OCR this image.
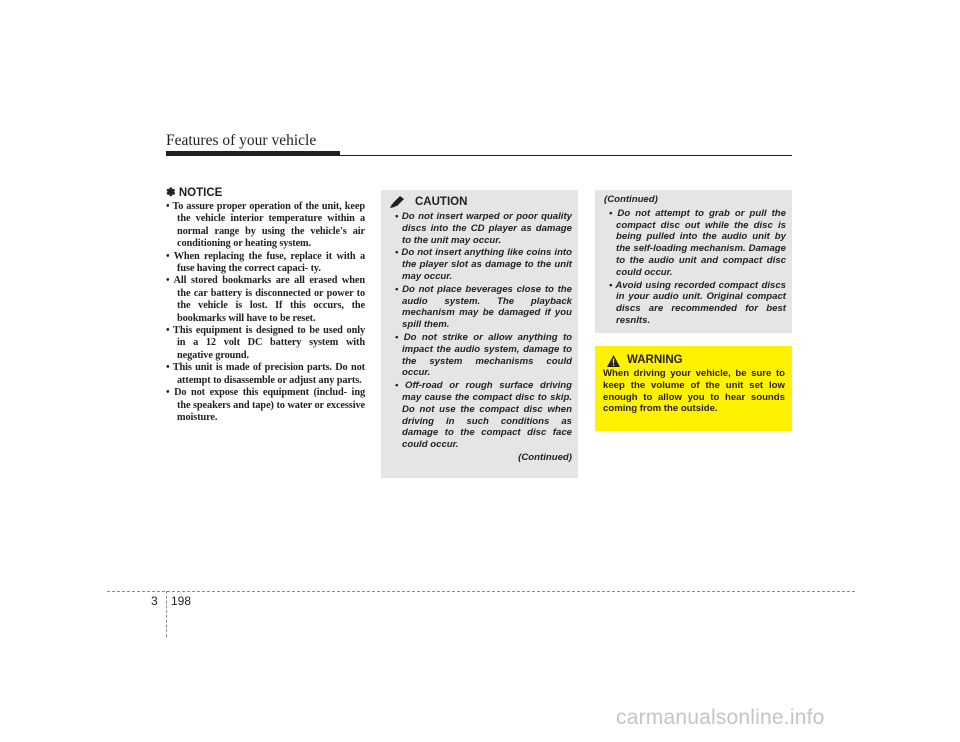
Features of your vehicle
✽ NOTICE
• To assure proper operation of the unit, keep the vehicle interior temperature within a normal range by using the vehicle's air conditioning or heating system.
• When replacing the fuse, replace it with a fuse having the correct capaci- ty.
• All stored bookmarks are all erased when the car battery is disconnected or power to the vehicle is lost. If this occurs, the bookmarks will have to be reset.
• This equipment is designed to be used only in a 12 volt DC battery system with negative ground.
• This unit is made of precision parts. Do not attempt to disassemble or adjust any parts.
• Do not expose this equipment (includ- ing the speakers and tape) to water or excessive moisture.
CAUTION
• Do not insert warped or poor quality discs into the CD player as damage to the unit may occur.
• Do not insert anything like coins into the player slot as damage to the unit may occur.
• Do not place beverages close to the audio system. The playback mechanism may be damaged if you spill them.
• Do not strike or allow anything to impact the audio system, damage to the system mechanisms could occur.
• Off-road or rough surface driving may cause the compact disc to skip. Do not use the compact disc when driving in such conditions as damage to the compact disc face could occur.
(Continued)
(Continued)
• Do not attempt to grab or pull the compact disc out while the disc is being pulled into the audio unit by the self-loading mechanism. Damage to the audio unit and compact disc could occur.
• Avoid using recorded compact discs in your audio unit. Original compact discs are recommended for best resnlts.
WARNING
When driving your vehicle, be sure to keep the volume of the unit set low enough to allow you to hear sounds coming from the outside.
3 198
carmanualsonline.info
